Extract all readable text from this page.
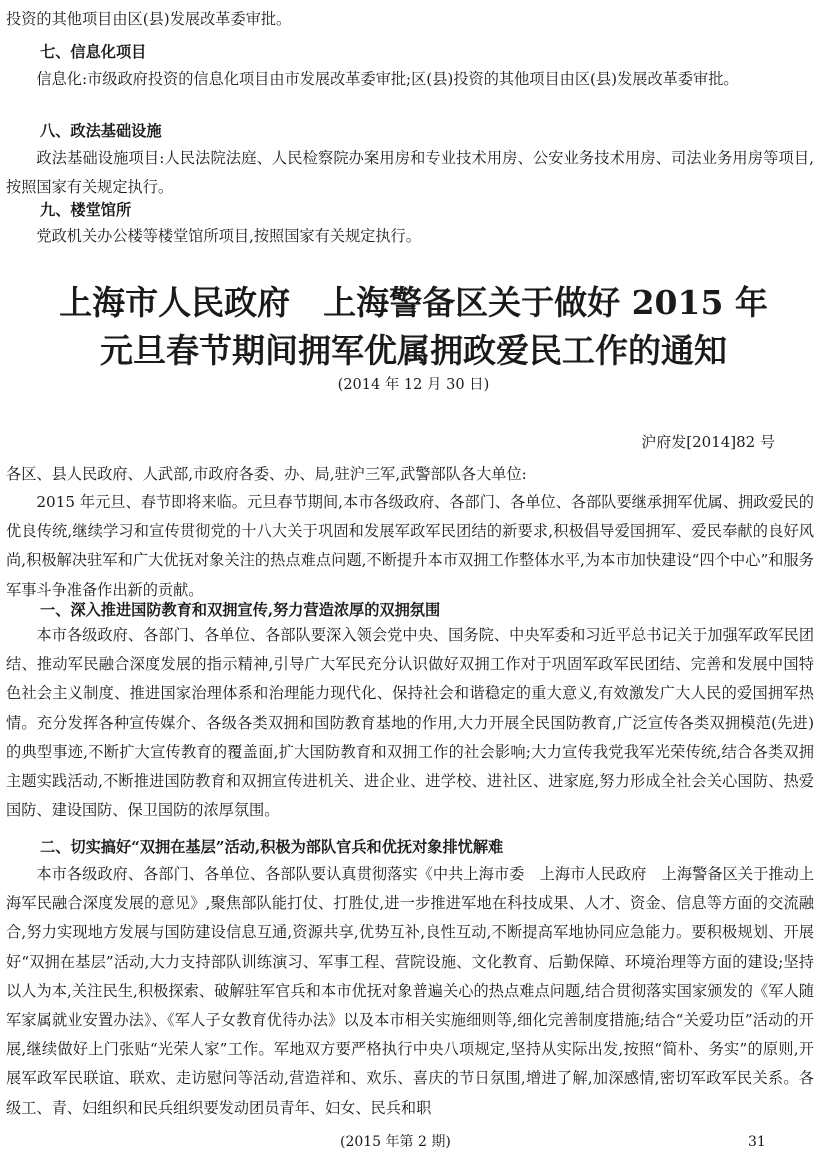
投资的其他项目由区(县)发展改革委审批。
七、信息化项目
信息化:市级政府投资的信息化项目由市发展改革委审批;区(县)投资的其他项目由区(县)发展改革委审批。
八、政法基础设施
政法基础设施项目:人民法院法庭、人民检察院办案用房和专业技术用房、公安业务技术用房、司法业务用房等项目,按照国家有关规定执行。
九、楼堂馆所
党政机关办公楼等楼堂馆所项目,按照国家有关规定执行。
上海市人民政府　上海警备区关于做好 2015 年
元旦春节期间拥军优属拥政爱民工作的通知
(2014 年 12 月 30 日)
沪府发[2014]82 号
各区、县人民政府、人武部,市政府各委、办、局,驻沪三军,武警部队各大单位:
2015 年元旦、春节即将来临。元旦春节期间,本市各级政府、各部门、各单位、各部队要继承拥军优属、拥政爱民的优良传统,继续学习和宣传贯彻党的十八大关于巩固和发展军政军民团结的新要求,积极倡导爱国拥军、爱民奉献的良好风尚,积极解决驻军和广大优抚对象关注的热点难点问题,不断提升本市双拥工作整体水平,为本市加快建设“四个中心”和服务军事斗争准备作出新的贡献。
一、深入推进国防教育和双拥宣传,努力营造浓厚的双拥氛围
本市各级政府、各部门、各单位、各部队要深入领会党中央、国务院、中央军委和习近平总书记关于加强军政军民团结、推动军民融合深度发展的指示精神,引导广大军民充分认识做好双拥工作对于巩固军政军民团结、完善和发展中国特色社会主义制度、推进国家治理体系和治理能力现代化、保持社会和谐稳定的重大意义,有效激发广大人民的爱国拥军热情。充分发挥各种宣传媒介、各级各类双拥和国防教育基地的作用,大力开展全民国防教育,广泛宣传各类双拥模范(先进)的典型事迹,不断扩大宣传教育的覆盖面,扩大国防教育和双拥工作的社会影响;大力宣传我党我军光荣传统,结合各类双拥主题实践活动,不断推进国防教育和双拥宣传进机关、进企业、进学校、进社区、进家庭,努力形成全社会关心国防、热爱国防、建设国防、保卫国防的浓厚氛围。
二、切实搞好“双拥在基层”活动,积极为部队官兵和优抚对象排忧解难
本市各级政府、各部门、各单位、各部队要认真贯彻落实《中共上海市委　上海市人民政府　上海警备区关于推动上海军民融合深度发展的意见》,聚焦部队能打仗、打胜仗,进一步推进军地在科技成果、人才、资金、信息等方面的交流融合,努力实现地方发展与国防建设信息互通,资源共享,优势互补,良性互动,不断提高军地协同应急能力。要积极规划、开展好“双拥在基层”活动,大力支持部队训练演习、军事工程、营院设施、文化教育、后勤保障、环境治理等方面的建设;坚持以人为本,关注民生,积极探索、破解驻军官兵和本市优抚对象普遍关心的热点难点问题,结合贯彻落实国家颁发的《军人随军家属就业安置办法》、《军人子女教育优待办法》以及本市相关实施细则等,细化完善制度措施;结合“关爱功臣”活动的开展,继续做好上门张贴“光荣人家”工作。军地双方要严格执行中央八项规定,坚持从实际出发,按照“简朴、务实”的原则,开展军政军民联谊、联欢、走访慰问等活动,营造祥和、欢乐、喜庆的节日氛围,增进了解,加深感情,密切军政军民关系。各级工、青、妇组织和民兵组织要发动团员青年、妇女、民兵和职
(2015 年第 2 期)	31
